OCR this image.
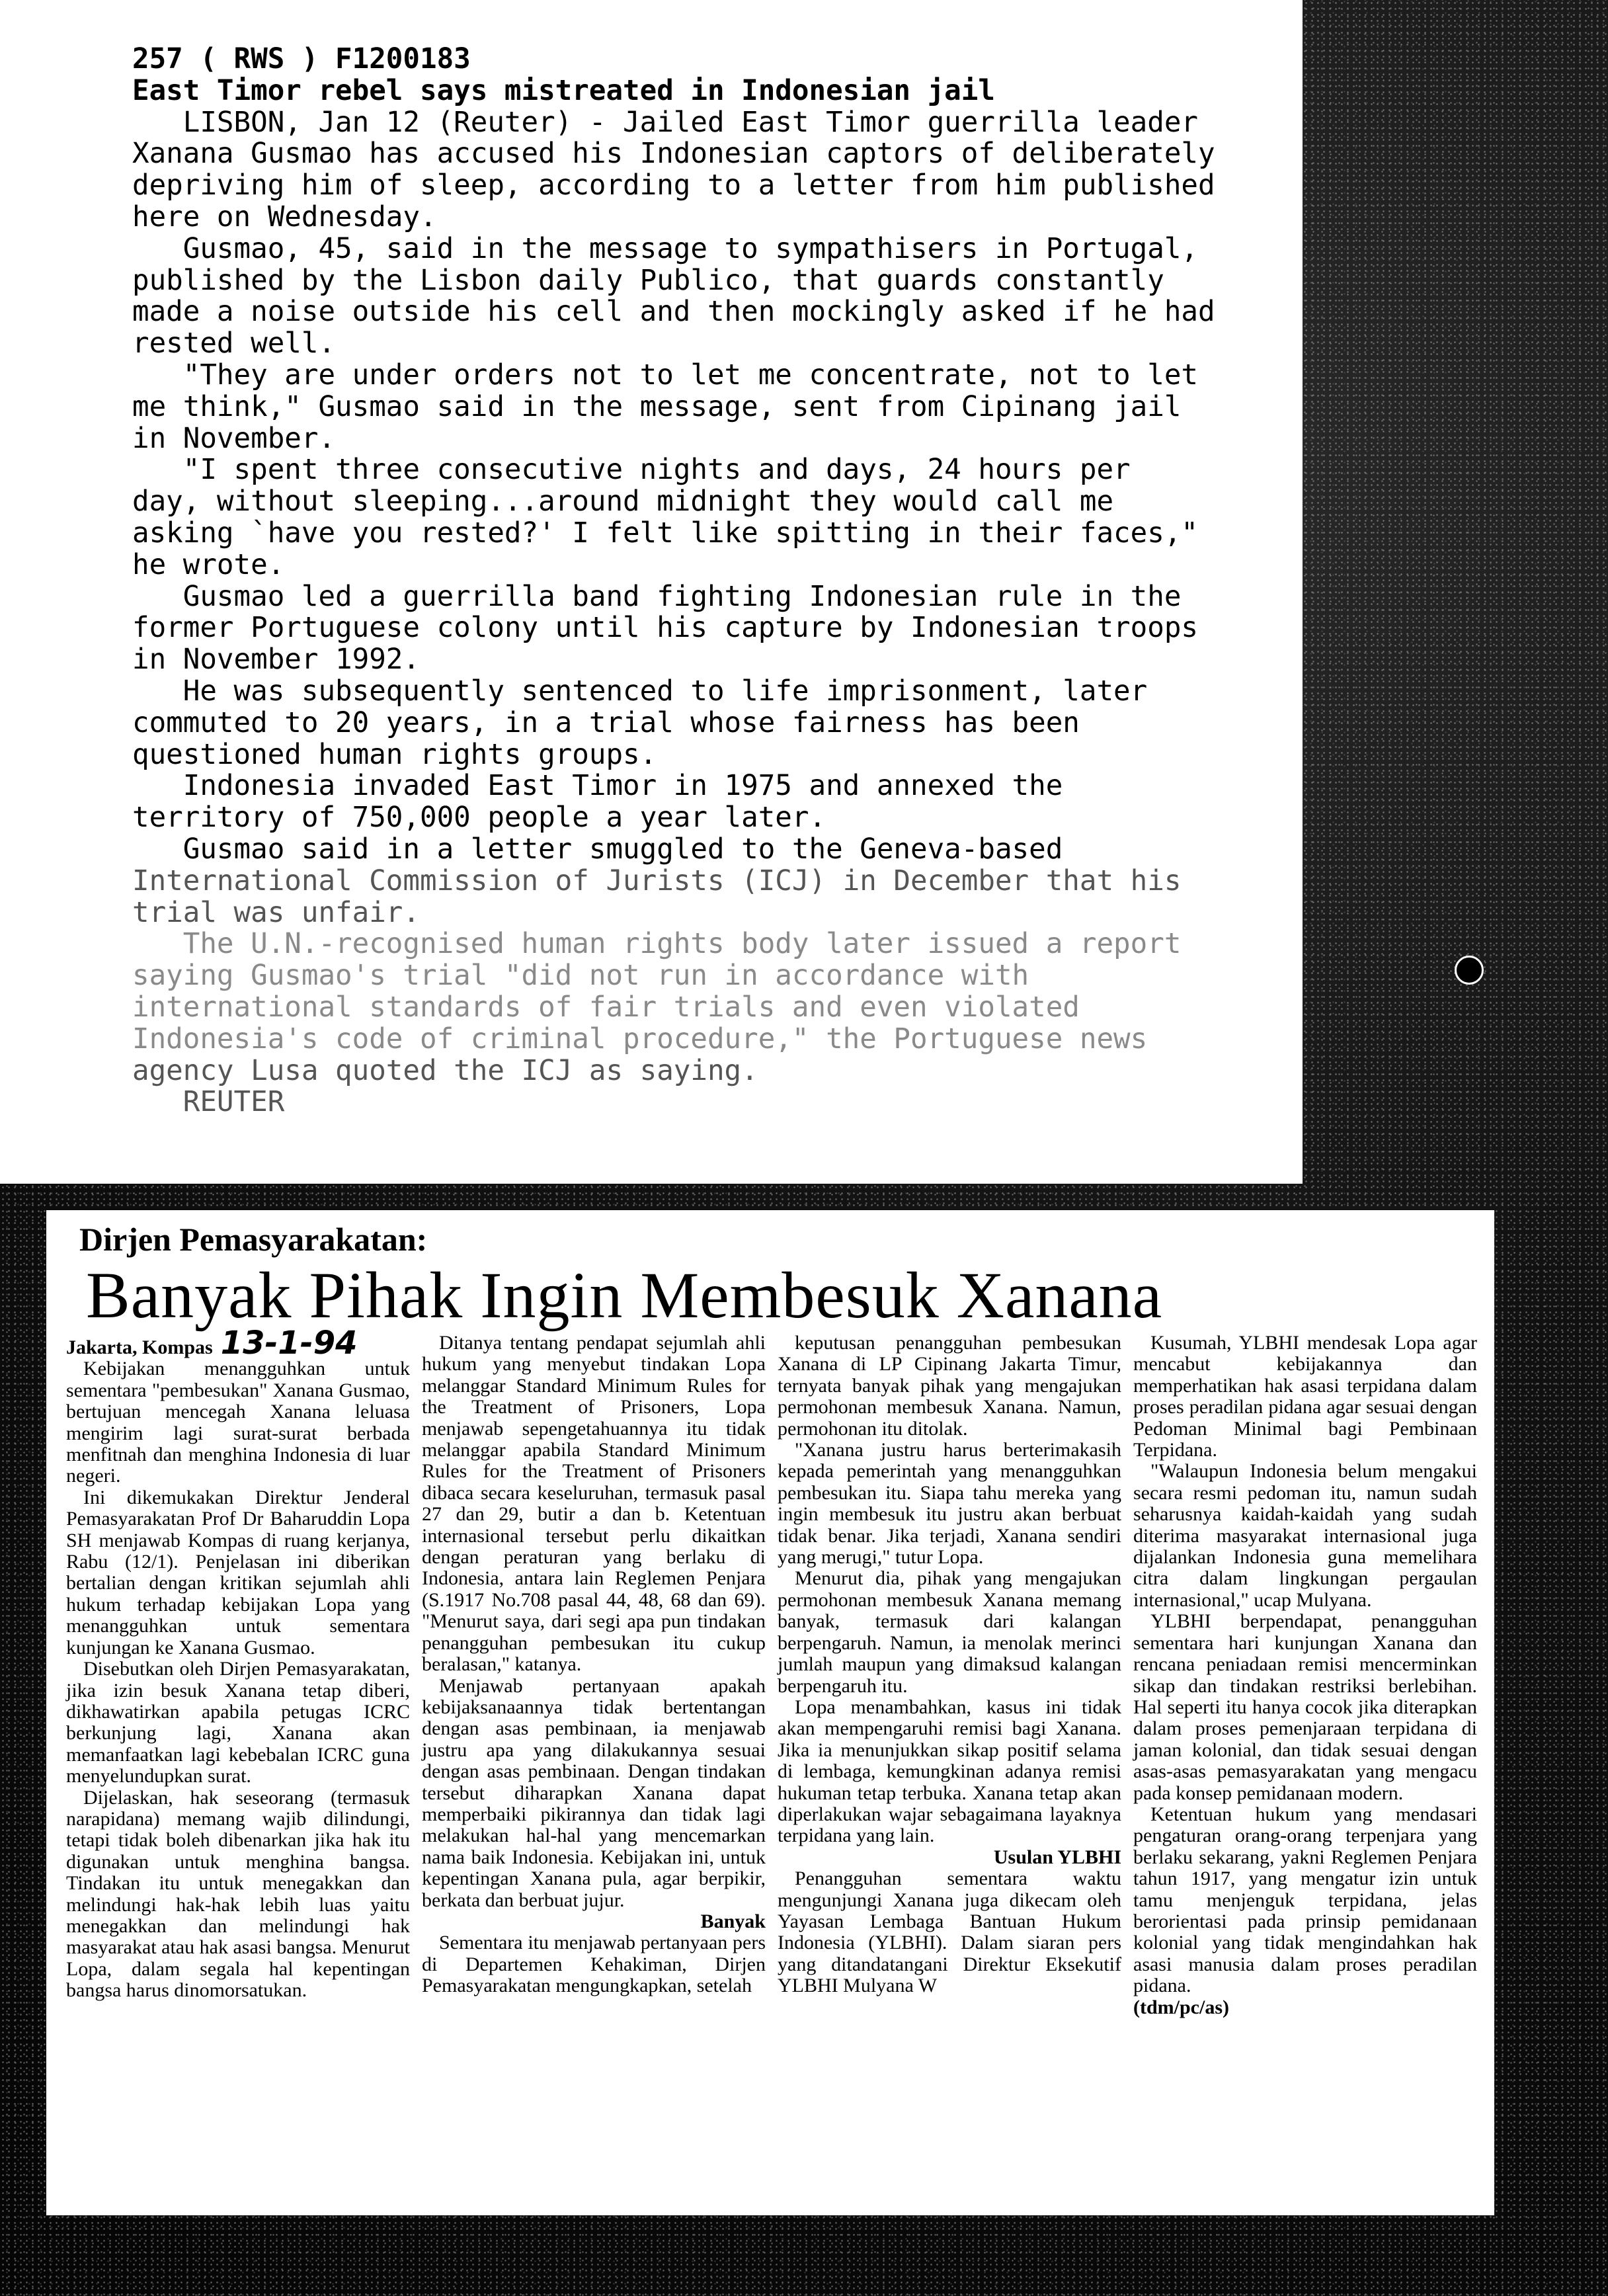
257 ( RWS ) F1200183

East Timor rebel says mistreated in Indonesian jail

LISBON, Jan 12 (Reuter) - Jailed East Timor guerrilla leader

Xanana Gusmao has accused his Indonesian captors of deliberately

depriving him of sleep, according to a letter from him published

here on Wednesday.

Gusmao, 45, said in the message to sympathisers in Portugal,

published by the Lisbon daily Publico, that guards constantly

made a noise outside his cell and then mockingly asked if he had

rested well.

"They are under orders not to let me concentrate, not to let

me think," Gusmao said in the message, sent from Cipinang jail

in November.

"I spent three consecutive nights and days, 24 hours per

day, without sleeping...around midnight they would call me

asking `have you rested?' I felt like spitting in their faces,"

he wrote.

Gusmao led a guerrilla band fighting Indonesian rule in the

former Portuguese colony until his capture by Indonesian troops

in November 1992.

He was subsequently sentenced to life imprisonment, later

commuted to 20 years, in a trial whose fairness has been

questioned human rights groups.

Indonesia invaded East Timor in 1975 and annexed the

territory of 750,000 people a year later.

Gusmao said in a letter smuggled to the Geneva-based

International Commission of Jurists (ICJ) in December that his

trial was unfair.

The U.N.-recognised human rights body later issued a report

saying Gusmao's trial "did not run in accordance with

international standards of fair trials and even violated

Indonesia's code of criminal procedure," the Portuguese news

agency Lusa quoted the ICJ as saying.

REUTER

Dirjen Pemasyarakatan:
Banyak Pihak Ingin Membesuk Xanana

Jakarta, Kompas 13-1-94

Kebijakan menangguhkan untuk sementara "pembesukan" Xanana Gusmao, bertujuan mencegah Xanana leluasa mengirim lagi surat-surat berbada menfitnah dan menghina Indonesia di luar negeri.

Ini dikemukakan Direktur Jenderal Pemasyarakatan Prof Dr Baharuddin Lopa SH menjawab Kompas di ruang kerjanya, Rabu (12/1). Penjelasan ini diberikan bertalian dengan kritikan sejumlah ahli hukum terhadap kebijakan Lopa yang menangguhkan untuk sementara kunjungan ke Xanana Gusmao.

Disebutkan oleh Dirjen Pemasyarakatan, jika izin besuk Xanana tetap diberi, dikhawatirkan apabila petugas ICRC berkunjung lagi, Xanana akan memanfaatkan lagi kebebalan ICRC guna menyelundupkan surat.

Dijelaskan, hak seseorang (termasuk narapidana) memang wajib dilindungi, tetapi tidak boleh dibenarkan jika hak itu digunakan untuk menghina bangsa. Tindakan itu untuk menegakkan dan melindungi hak-hak lebih luas yaitu menegakkan dan melindungi hak masyarakat atau hak asasi bangsa. Menurut Lopa, dalam segala hal kepentingan bangsa harus dinomorsatukan.

Ditanya tentang pendapat sejumlah ahli hukum yang menyebut tindakan Lopa melanggar Standard Minimum Rules for the Treatment of Prisoners, Lopa menjawab sepengetahuannya itu tidak melanggar apabila Standard Minimum Rules for the Treatment of Prisoners dibaca secara keseluruhan, termasuk pasal 27 dan 29, butir a dan b. Ketentuan internasional tersebut perlu dikaitkan dengan peraturan yang berlaku di Indonesia, antara lain Reglemen Penjara (S.1917 No.708 pasal 44, 48, 68 dan 69). "Menurut saya, dari segi apa pun tindakan penangguhan pembesukan itu cukup beralasan," katanya.

Menjawab pertanyaan apakah kebijaksanaannya tidak bertentangan dengan asas pembinaan, ia menjawab justru apa yang dilakukannya sesuai dengan asas pembinaan. Dengan tindakan tersebut diharapkan Xanana dapat memperbaiki pikirannya dan tidak lagi melakukan hal-hal yang mencemarkan nama baik Indonesia. Kebijakan ini, untuk kepentingan Xanana pula, agar berpikir, berkata dan berbuat jujur.

Banyak

Sementara itu menjawab pertanyaan pers di Departemen Kehakiman, Dirjen Pemasyarakatan mengungkapkan, setelah

keputusan penangguhan pembesukan Xanana di LP Cipinang Jakarta Timur, ternyata banyak pihak yang mengajukan permohonan membesuk Xanana. Namun, permohonan itu ditolak.

"Xanana justru harus berterimakasih kepada pemerintah yang menangguhkan pembesukan itu. Siapa tahu mereka yang ingin membesuk itu justru akan berbuat tidak benar. Jika terjadi, Xanana sendiri yang merugi," tutur Lopa.

Menurut dia, pihak yang mengajukan permohonan membesuk Xanana memang banyak, termasuk dari kalangan berpengaruh. Namun, ia menolak merinci jumlah maupun yang dimaksud kalangan berpengaruh itu.

Lopa menambahkan, kasus ini tidak akan mempengaruhi remisi bagi Xanana. Jika ia menunjukkan sikap positif selama di lembaga, kemungkinan adanya remisi hukuman tetap terbuka. Xanana tetap akan diperlakukan wajar sebagaimana layaknya terpidana yang lain.

Usulan YLBHI

Penangguhan sementara waktu mengunjungi Xanana juga dikecam oleh Yayasan Lembaga Bantuan Hukum Indonesia (YLBHI). Dalam siaran pers yang ditandatangani Direktur Eksekutif YLBHI Mulyana W

Kusumah, YLBHI mendesak Lopa agar mencabut kebijakannya dan memperhatikan hak asasi terpidana dalam proses peradilan pidana agar sesuai dengan Pedoman Minimal bagi Pembinaan Terpidana.

"Walaupun Indonesia belum mengakui secara resmi pedoman itu, namun sudah seharusnya kaidah-kaidah yang sudah diterima masyarakat internasional juga dijalankan Indonesia guna memelihara citra dalam lingkungan pergaulan internasional," ucap Mulyana.

YLBHI berpendapat, penangguhan sementara hari kunjungan Xanana dan rencana peniadaan remisi mencerminkan sikap dan tindakan restriksi berlebihan. Hal seperti itu hanya cocok jika diterapkan dalam proses pemenjaraan terpidana di jaman kolonial, dan tidak sesuai dengan asas-asas pemasyarakatan yang mengacu pada konsep pemidanaan modern.

Ketentuan hukum yang mendasari pengaturan orang-orang terpenjara yang berlaku sekarang, yakni Reglemen Penjara tahun 1917, yang mengatur izin untuk tamu menjenguk terpidana, jelas berorientasi pada prinsip pemidanaan kolonial yang tidak mengindahkan hak asasi manusia dalam proses peradilan pidana.

(tdm/pc/as)
